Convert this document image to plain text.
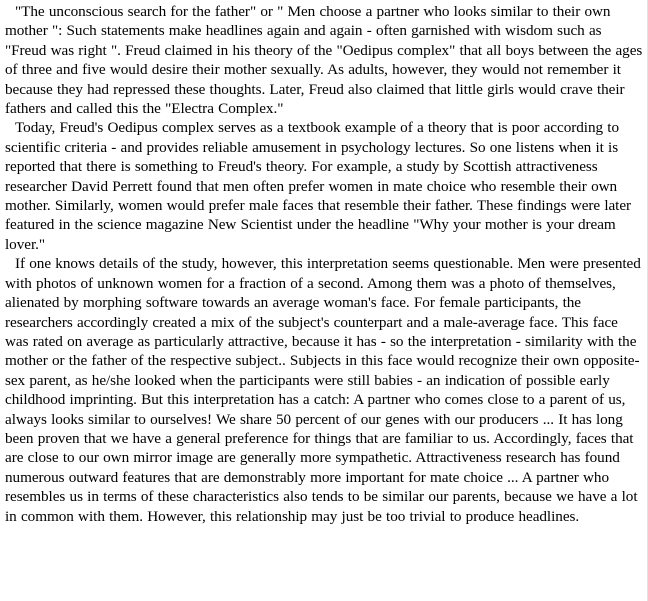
"The unconscious search for the father" or " Men choose a partner who looks similar to their own mother ": Such statements make headlines again and again - often garnished with wisdom such as "Freud was right ". Freud claimed in his theory of the "Oedipus complex" that all boys between the ages of three and five would desire their mother sexually. As adults, however, they would not remember it because they had repressed these thoughts. Later, Freud also claimed that little girls would crave their fathers and called this the "Electra Complex."

Today, Freud's Oedipus complex serves as a textbook example of a theory that is poor according to scientific criteria - and provides reliable amusement in psychology lectures. So one listens when it is reported that there is something to Freud's theory. For example, a study by Scottish attractiveness researcher David Perrett found that men often prefer women in mate choice who resemble their own mother. Similarly, women would prefer male faces that resemble their father. These findings were later featured in the science magazine New Scientist under the headline "Why your mother is your dream lover."

If one knows details of the study, however, this interpretation seems questionable. Men were presented with photos of unknown women for a fraction of a second. Among them was a photo of themselves, alienated by morphing software towards an average woman's face. For female participants, the researchers accordingly created a mix of the subject's counterpart and a male-average face. This face was rated on average as particularly attractive, because it has - so the interpretation - similarity with the mother or the father of the respective subject.. Subjects in this face would recognize their own opposite-sex parent, as he/she looked when the participants were still babies - an indication of possible early childhood imprinting. But this interpretation has a catch: A partner who comes close to a parent of us, always looks similar to ourselves! We share 50 percent of our genes with our producers ... It has long been proven that we have a general preference for things that are familiar to us. Accordingly, faces that are close to our own mirror image are generally more sympathetic. Attractiveness research has found numerous outward features that are demonstrably more important for mate choice ... A partner who resembles us in terms of these characteristics also tends to be similar our parents, because we have a lot in common with them. However, this relationship may just be too trivial to produce headlines.
